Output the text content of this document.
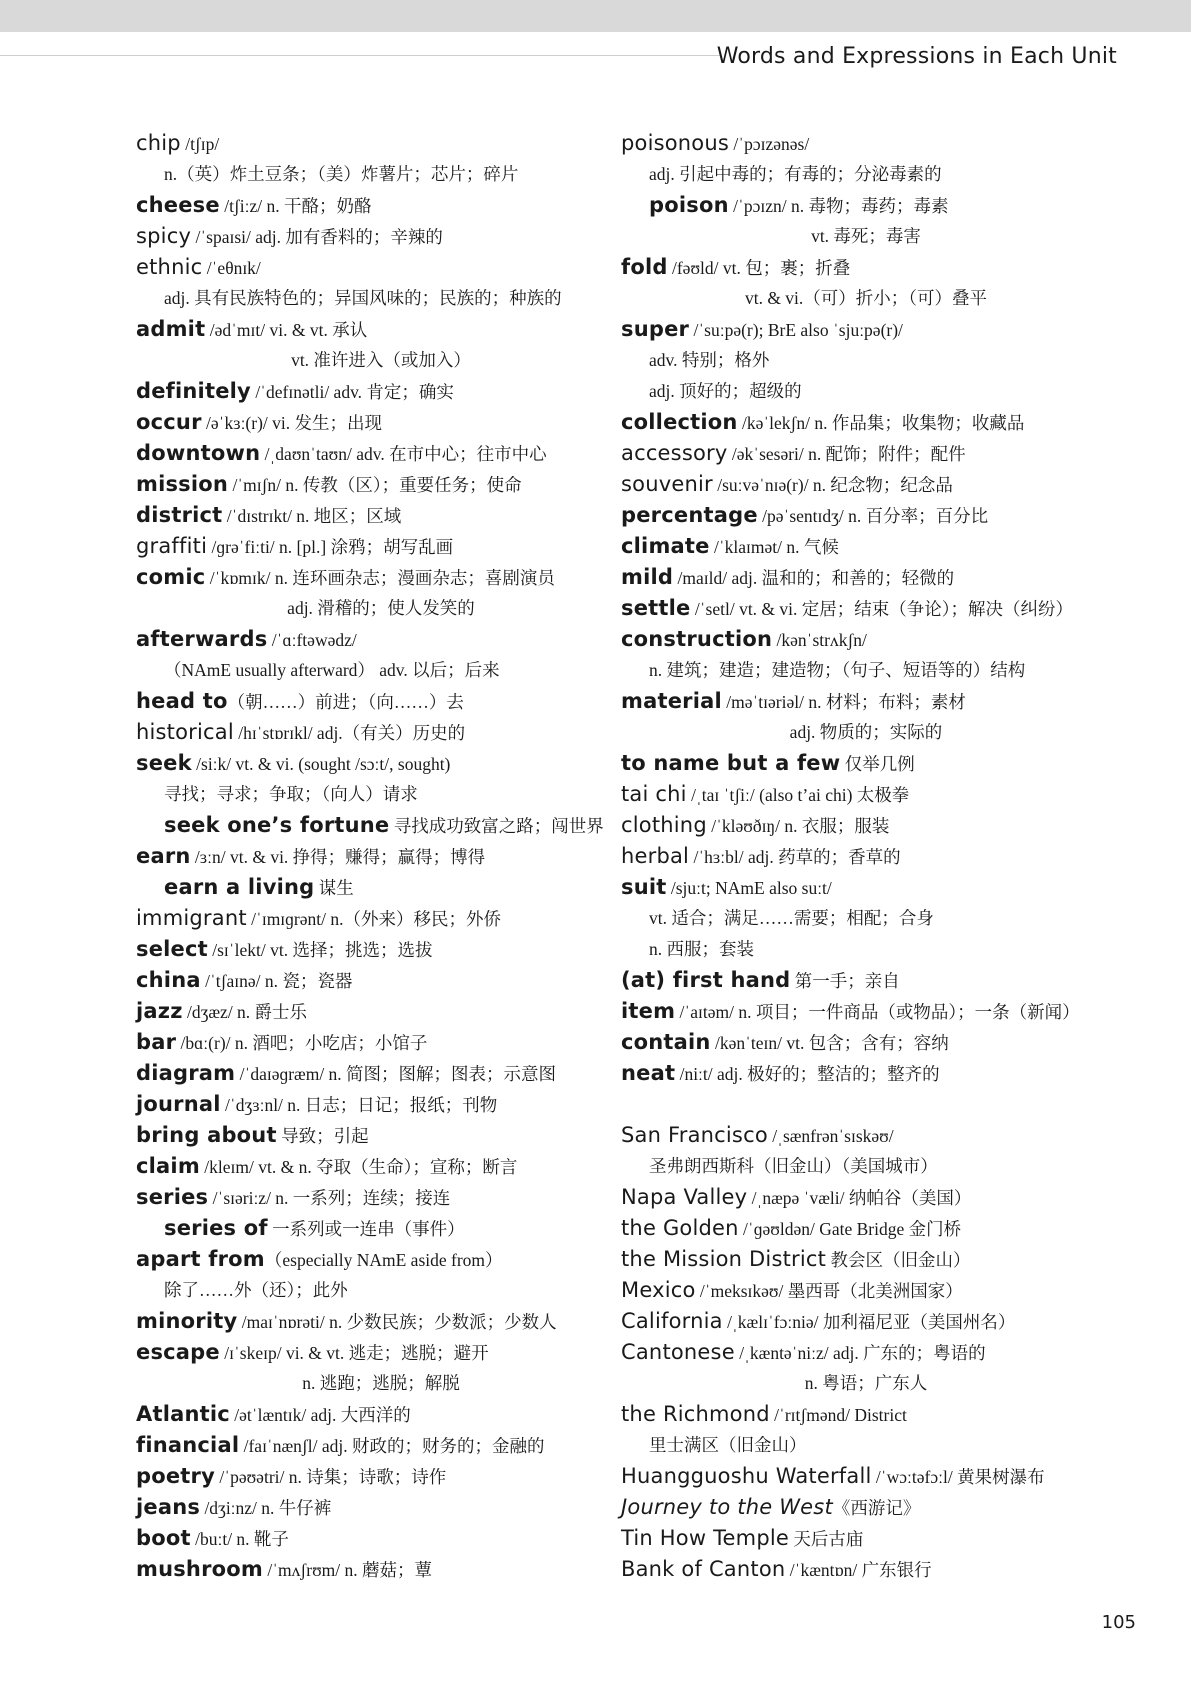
Words and Expressions in Each Unit
chip /tʃɪp/
n.（英）炸土豆条；（美）炸薯片；芯片；碎片
cheese /tʃiːz/ n. 干酪；奶酪
spicy /ˈspaɪsi/ adj. 加有香料的；辛辣的
ethnic /ˈeθnɪk/
adj. 具有民族特色的；异国风味的；民族的；种族的
admit /ədˈmɪt/ vi. & vt. 承认
vt. 准许进入（或加入）
definitely /ˈdefɪnətli/ adv. 肯定；确实
occur /əˈkɜː(r)/ vi. 发生；出现
downtown /ˌdaʊnˈtaʊn/ adv. 在市中心；往市中心
mission /ˈmɪʃn/ n. 传教（区）；重要任务；使命
district /ˈdɪstrɪkt/ n. 地区；区域
graffiti /ɡrəˈfiːti/ n. [pl.] 涂鸦；胡写乱画
comic /ˈkɒmɪk/ n. 连环画杂志；漫画杂志；喜剧演员
adj. 滑稽的；使人发笑的
afterwards /ˈɑːftəwədz/
（NAmE usually afterward） adv. 以后；后来
head to（朝……）前进；（向……）去
historical /hɪˈstɒrɪkl/ adj.（有关）历史的
seek /siːk/ vt. & vi. (sought /sɔːt/, sought)
寻找；寻求；争取；（向人）请求
seek one’s fortune 寻找成功致富之路；闯世界
earn /ɜːn/ vt. & vi. 挣得；赚得；赢得；博得
earn a living 谋生
immigrant /ˈɪmɪɡrənt/ n.（外来）移民；外侨
select /sɪˈlekt/ vt. 选择；挑选；选拔
china /ˈtʃaɪnə/ n. 瓷；瓷器
jazz /dʒæz/ n. 爵士乐
bar /bɑː(r)/ n. 酒吧；小吃店；小馆子
diagram /ˈdaɪəɡræm/ n. 简图；图解；图表；示意图
journal /ˈdʒɜːnl/ n. 日志；日记；报纸；刊物
bring about 导致；引起
claim /kleɪm/ vt. & n. 夺取（生命）；宣称；断言
series /ˈsɪəriːz/ n. 一系列；连续；接连
series of 一系列或一连串（事件）
apart from（especially NAmE aside from）
除了……外（还）；此外
minority /maɪˈnɒrəti/ n. 少数民族；少数派；少数人
escape /ɪˈskeɪp/ vi. & vt. 逃走；逃脱；避开
n. 逃跑；逃脱；解脱
Atlantic /ətˈlæntɪk/ adj. 大西洋的
financial /faɪˈnænʃl/ adj. 财政的；财务的；金融的
poetry /ˈpəʊətri/ n. 诗集；诗歌；诗作
jeans /dʒiːnz/ n. 牛仔裤
boot /buːt/ n. 靴子
mushroom /ˈmʌʃrʊm/ n. 蘑菇；蕈
poisonous /ˈpɔɪzənəs/
adj. 引起中毒的；有毒的；分泌毒素的
poison /ˈpɔɪzn/ n. 毒物；毒药；毒素
vt. 毒死；毒害
fold /fəʊld/ vt. 包；裹；折叠
vt. & vi.（可）折小；（可）叠平
super /ˈsuːpə(r); BrE also ˈsjuːpə(r)/
adv. 特别；格外
adj. 顶好的；超级的
collection /kəˈlekʃn/ n. 作品集；收集物；收藏品
accessory /əkˈsesəri/ n. 配饰；附件；配件
souvenir /suːvəˈnɪə(r)/ n. 纪念物；纪念品
percentage /pəˈsentɪdʒ/ n. 百分率；百分比
climate /ˈklaɪmət/ n. 气候
mild /maɪld/ adj. 温和的；和善的；轻微的
settle /ˈsetl/ vt. & vi. 定居；结束（争论）；解决（纠纷）
construction /kənˈstrʌkʃn/
n. 建筑；建造；建造物；（句子、短语等的）结构
material /məˈtɪəriəl/ n. 材料；布料；素材
adj. 物质的；实际的
to name but a few 仅举几例
tai chi /ˌtaɪ ˈtʃiː/ (also t’ai chi) 太极拳
clothing /ˈkləʊðɪŋ/ n. 衣服；服装
herbal /ˈhɜːbl/ adj. 药草的；香草的
suit /sjuːt; NAmE also suːt/
vt. 适合；满足……需要；相配；合身
n. 西服；套装
(at) first hand 第一手；亲自
item /ˈaɪtəm/ n. 项目；一件商品（或物品）；一条（新闻）
contain /kənˈteɪn/ vt. 包含；含有；容纳
neat /niːt/ adj. 极好的；整洁的；整齐的
San Francisco /ˌsænfrənˈsɪskəʊ/
圣弗朗西斯科（旧金山）（美国城市）
Napa Valley /ˌnæpə ˈvæli/ 纳帕谷（美国）
the Golden /ˈɡəʊldən/ Gate Bridge 金门桥
the Mission District 教会区（旧金山）
Mexico /ˈmeksɪkəʊ/ 墨西哥（北美洲国家）
California /ˌkælɪˈfɔːniə/ 加利福尼亚（美国州名）
Cantonese /ˌkæntəˈniːz/ adj. 广东的；粤语的
n. 粤语；广东人
the Richmond /ˈrɪtʃmənd/ District
里士满区（旧金山）
Huangguoshu Waterfall /ˈwɔːtəfɔːl/ 黄果树瀑布
Journey to the West《西游记》
Tin How Temple 天后古庙
Bank of Canton /ˈkæntɒn/ 广东银行
105
